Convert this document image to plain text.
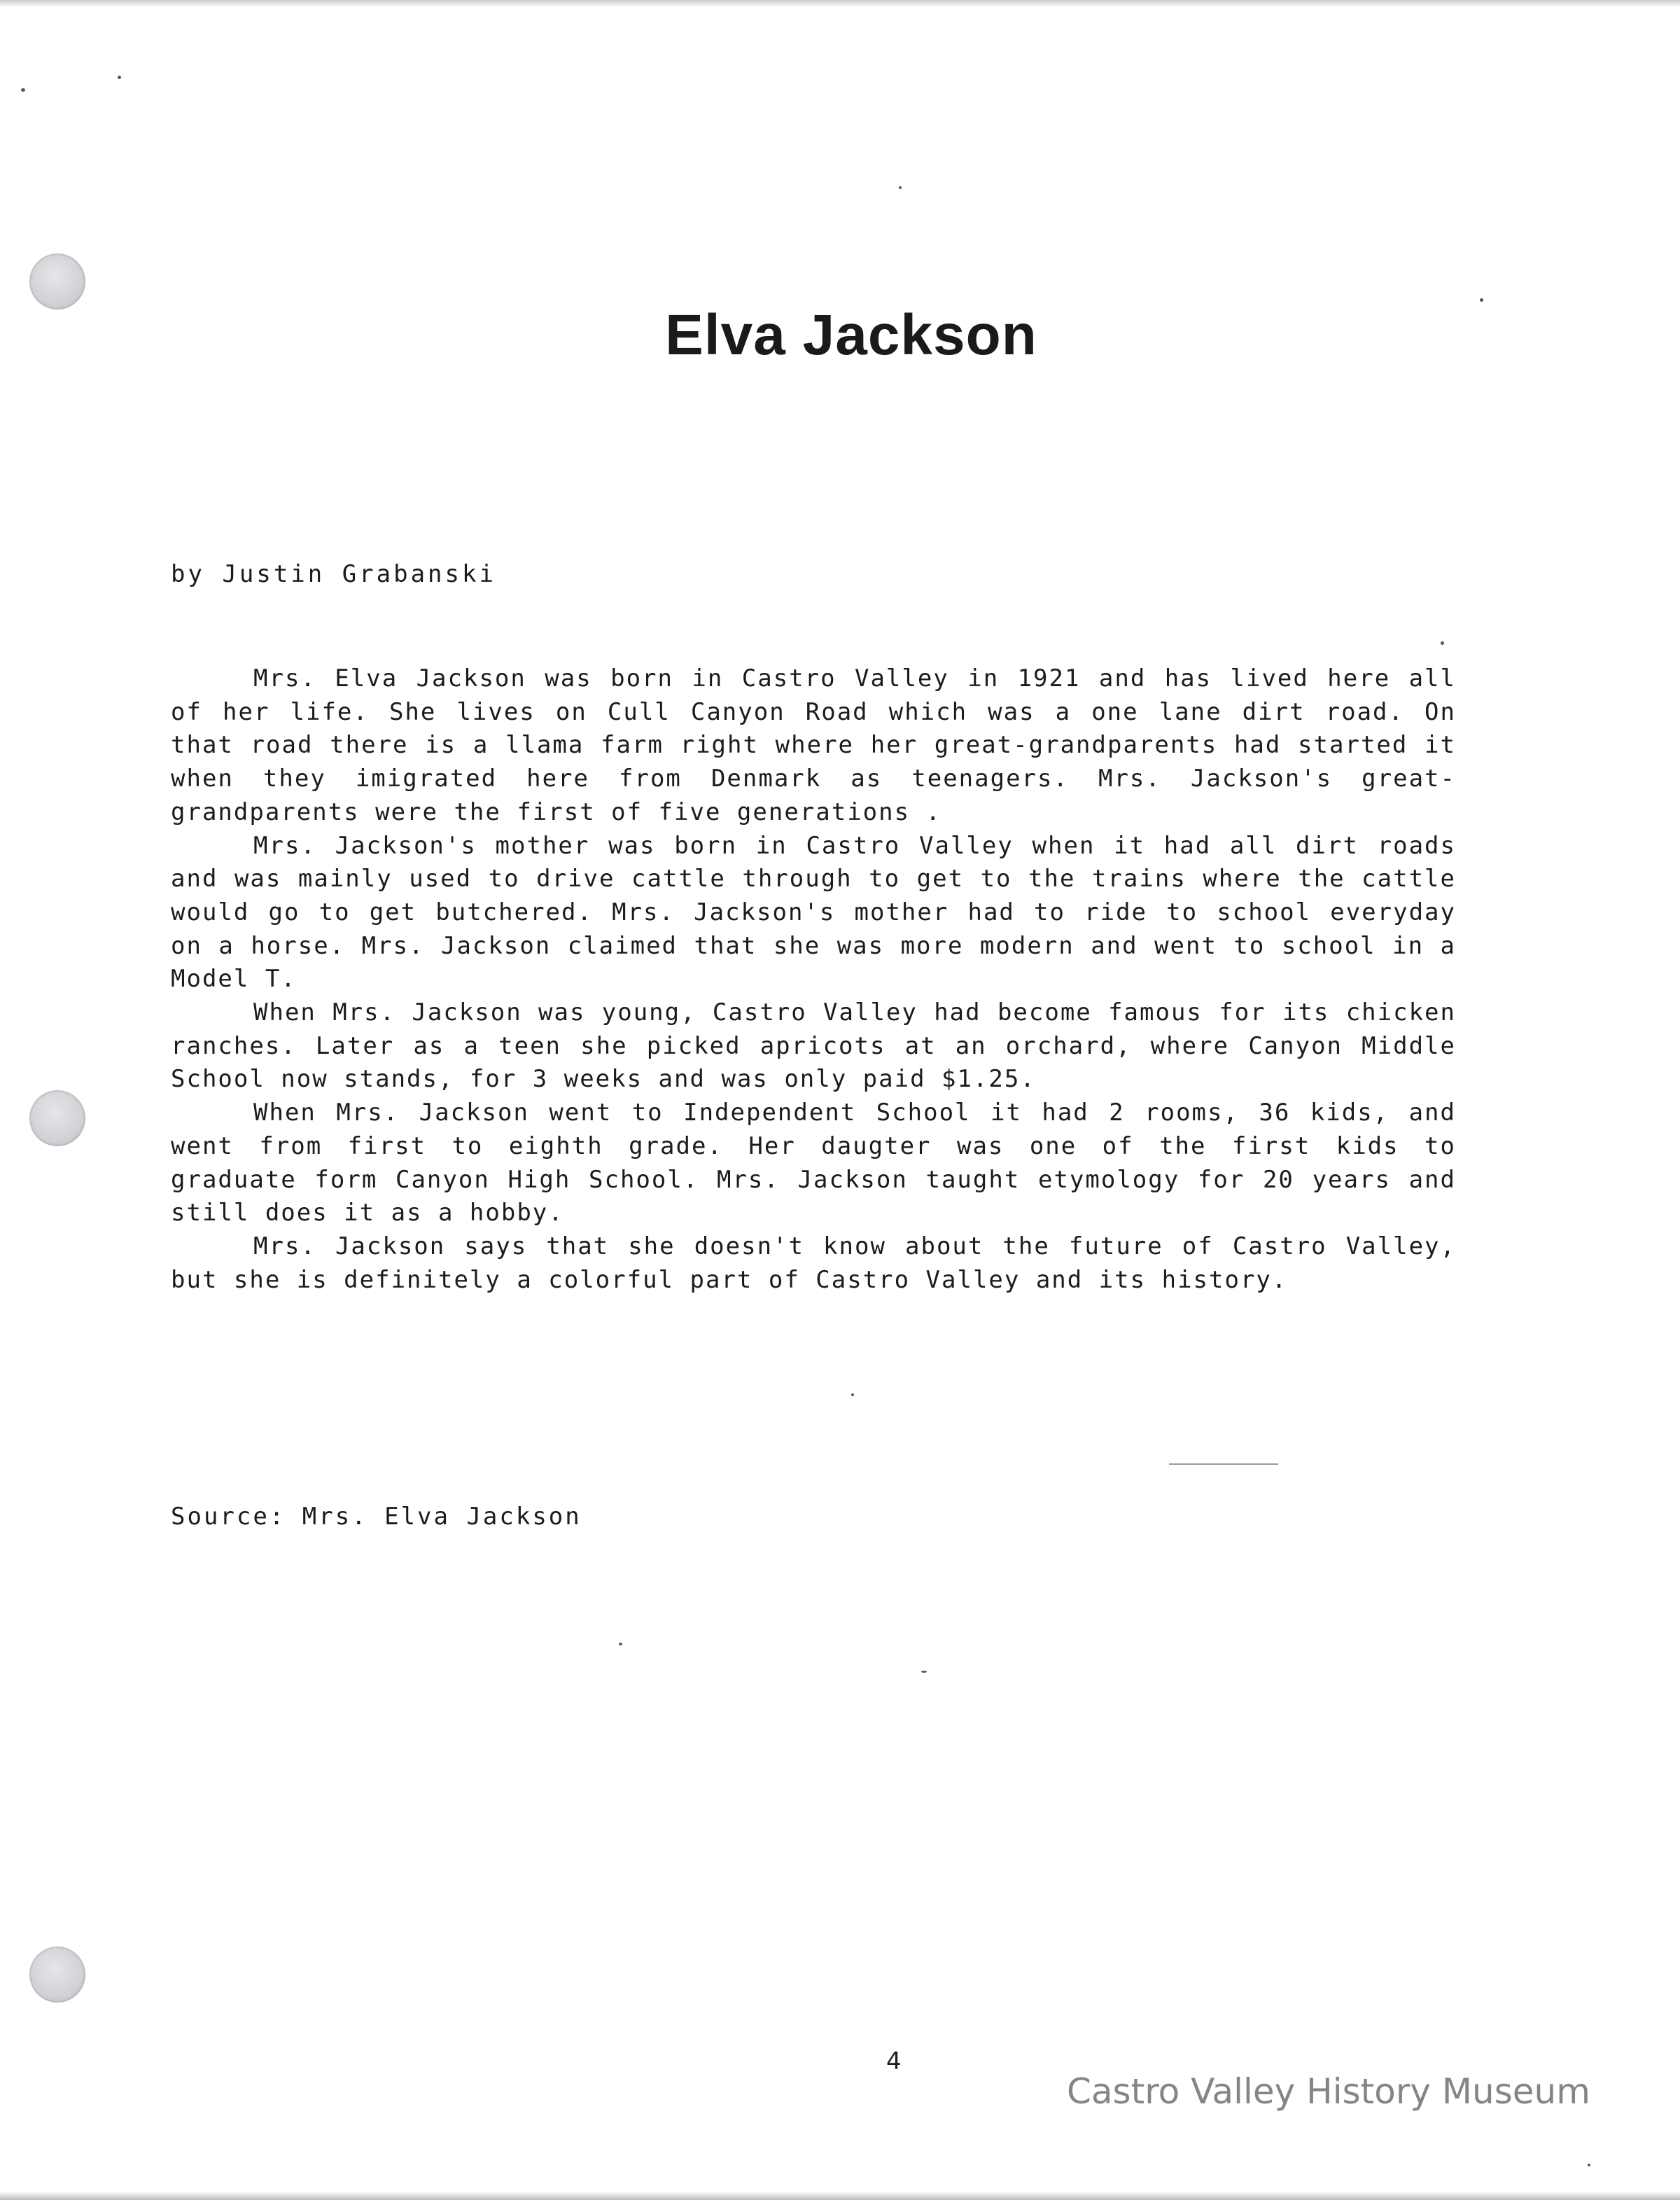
Elva Jackson
by Justin Grabanski

Mrs. Elva Jackson was born in Castro Valley in 1921 and has lived here all of her life. She lives on Cull Canyon Road which was a one lane dirt road. On that road there is a llama farm right where her great-grandparents had started it when they imigrated here from Denmark as teenagers. Mrs. Jackson's great-grandparents were the first of five generations .

Mrs. Jackson's mother was born in Castro Valley when it had all dirt roads and was mainly used to drive cattle through to get to the trains where the cattle would go to get butchered. Mrs. Jackson's mother had to ride to school everyday on a horse. Mrs. Jackson claimed that she was more modern and went to school in a Model T.

When Mrs. Jackson was young, Castro Valley had become famous for its chicken ranches. Later as a teen she picked apricots at an orchard, where Canyon Middle School now stands, for 3 weeks and was only paid $1.25.

When Mrs. Jackson went to Independent School it had 2 rooms, 36 kids, and went from first to eighth grade. Her daugter was one of the first kids to graduate form Canyon High School. Mrs. Jackson taught etymology for 20 years and still does it as a hobby.

Mrs. Jackson says that she doesn't know about the future of Castro Valley, but she is definitely a colorful part of Castro Valley and its history.

Source: Mrs. Elva Jackson
4
Castro Valley History Museum
